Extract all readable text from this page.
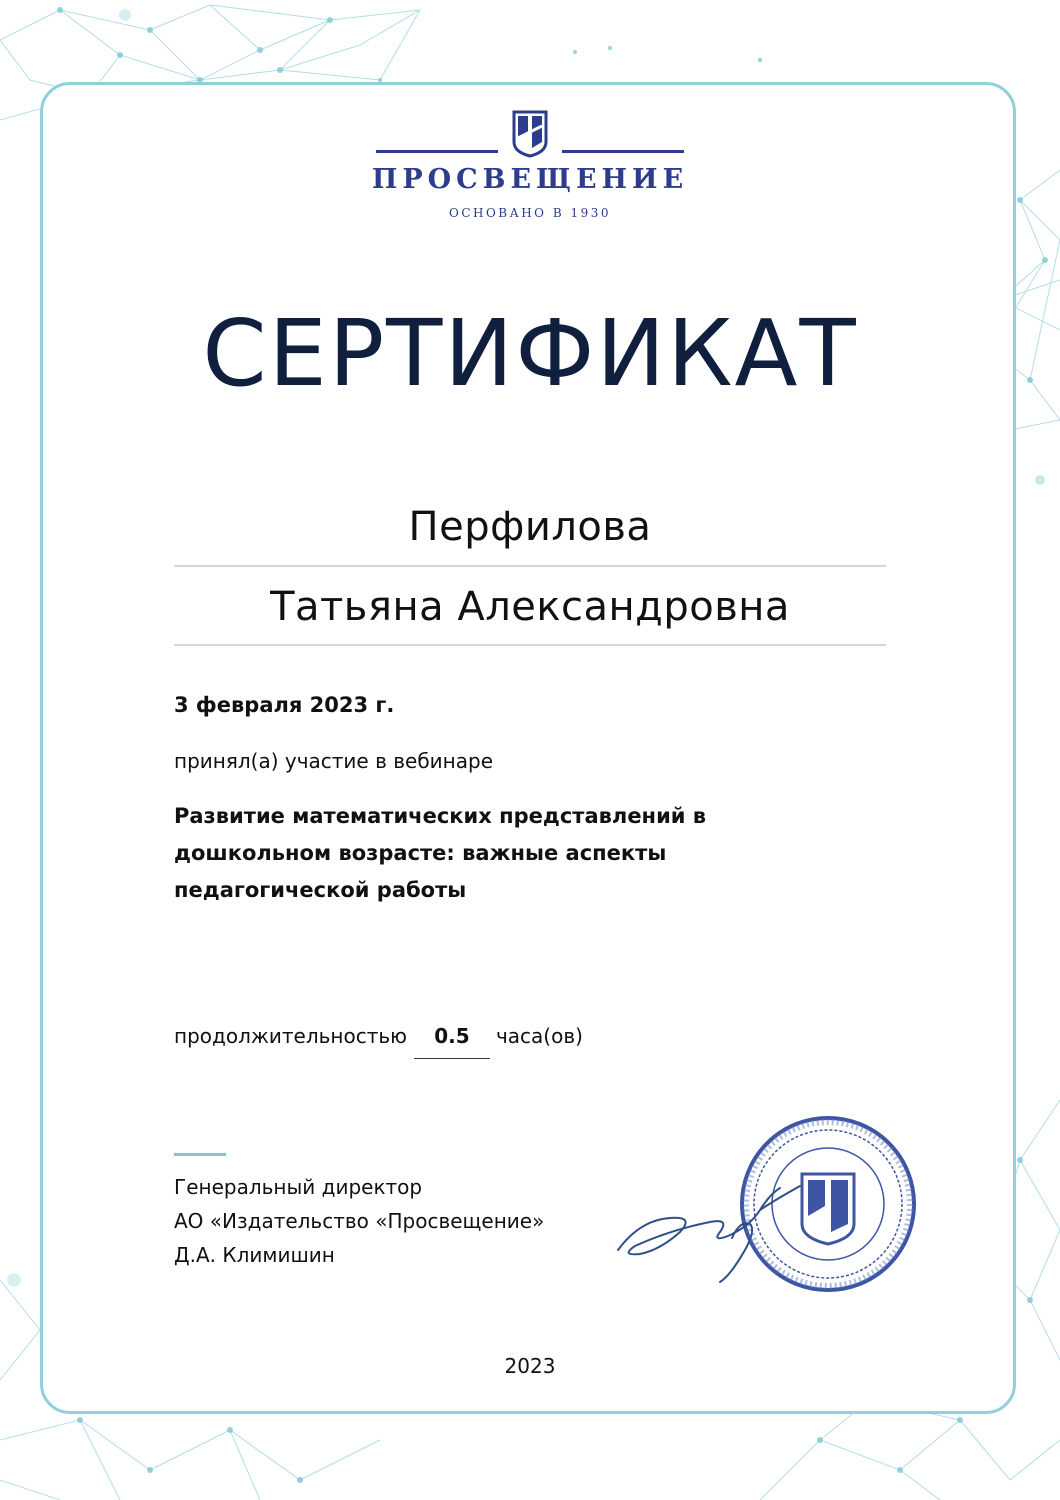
ПРОСВЕЩЕНИЕ
ОСНОВАНО В 1930
СЕРТИФИКАТ
Перфилова
Татьяна Александровна
3 февраля 2023 г.
принял(а) участие в вебинаре
Развитие математических представлений в дошкольном возрасте: важные аспекты педагогической работы
продолжительностью	0.5	часа(ов)
Генеральный директор
АО «Издательство «Просвещение»
Д.А. Климишин
2023
